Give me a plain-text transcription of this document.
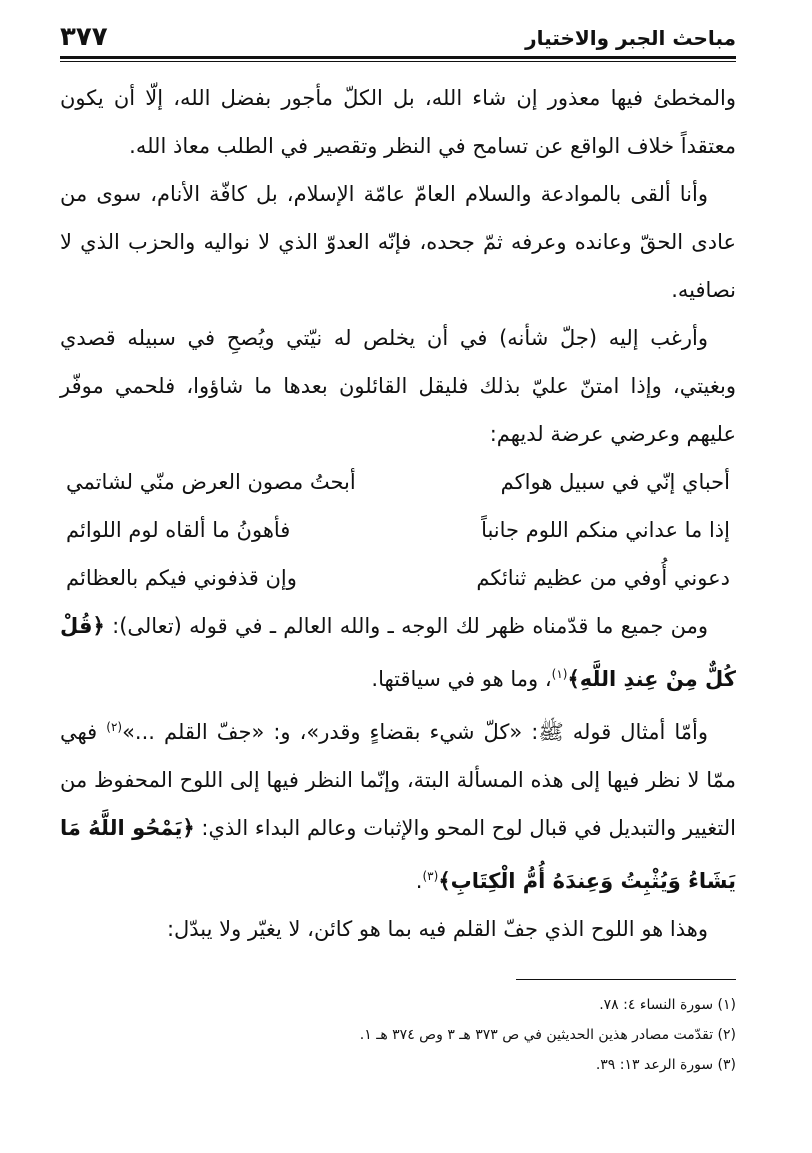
مباحث الجبر والاختيار
٣٧٧

والمخطئ فيها معذور إن شاء الله، بل الكلّ مأجور بفضل الله، إلّا أن يكون معتقداً خلاف الواقع عن تسامح في النظر وتقصير في الطلب معاذ الله.

وأنا ألقى بالموادعة والسلام العامّ عامّة الإسلام، بل كافّة الأنام، سوى من عادى الحقّ وعانده وعرفه ثمّ جحده، فإنّه العدوّ الذي لا نواليه والحزب الذي لا نصافيه.

وأرغب إليه (جلّ شأنه) في أن يخلص له نيّتي ويُصحِ في سبيله قصدي وبغيتي، وإذا امتنّ عليّ بذلك فليقل القائلون بعدها ما شاؤوا، فلحمي موفّر عليهم وعرضي عرضة لديهم:

أحباي إنّي في سبيل هواكم
أبحتُ مصون العرض منّي لشاتمي
إذا ما عداني منكم اللوم جانباً
فأهونُ ما ألقاه لوم اللوائم
دعوني أُوفي من عظيم ثنائكم
وإن قذفوني فيكم بالعظائم

ومن جميع ما قدّمناه ظهر لك الوجه ـ والله العالم ـ في قوله (تعالى): ﴿قُلْ كُلٌّ مِنْ عِندِ اللَّهِ﴾$^{(١)}$، وما هو في سياقتها.

وأمّا أمثال قوله ﷺ: «كلّ شيء بقضاءٍ وقدر»، و: «جفّ القلم ...»$^{(٢)}$ فهي ممّا لا نظر فيها إلى هذه المسألة البتة، وإنّما النظر فيها إلى اللوح المحفوظ من التغيير والتبديل في قبال لوح المحو والإثبات وعالم البداء الذي: ﴿يَمْحُو اللَّهُ مَا يَشَاءُ وَيُثْبِتُ وَعِندَهُ أُمُّ الْكِتَابِ﴾$^{(٣)}$.

وهذا هو اللوح الذي جفّ القلم فيه بما هو كائن، لا يغيّر ولا يبدّل:

(١) سورة النساء ٤: ٧٨.
(٢) تقدّمت مصادر هذين الحديثين في ص ٣٧٣ هـ ٣ وص ٣٧٤ هـ ١.
(٣) سورة الرعد ١٣: ٣٩.
